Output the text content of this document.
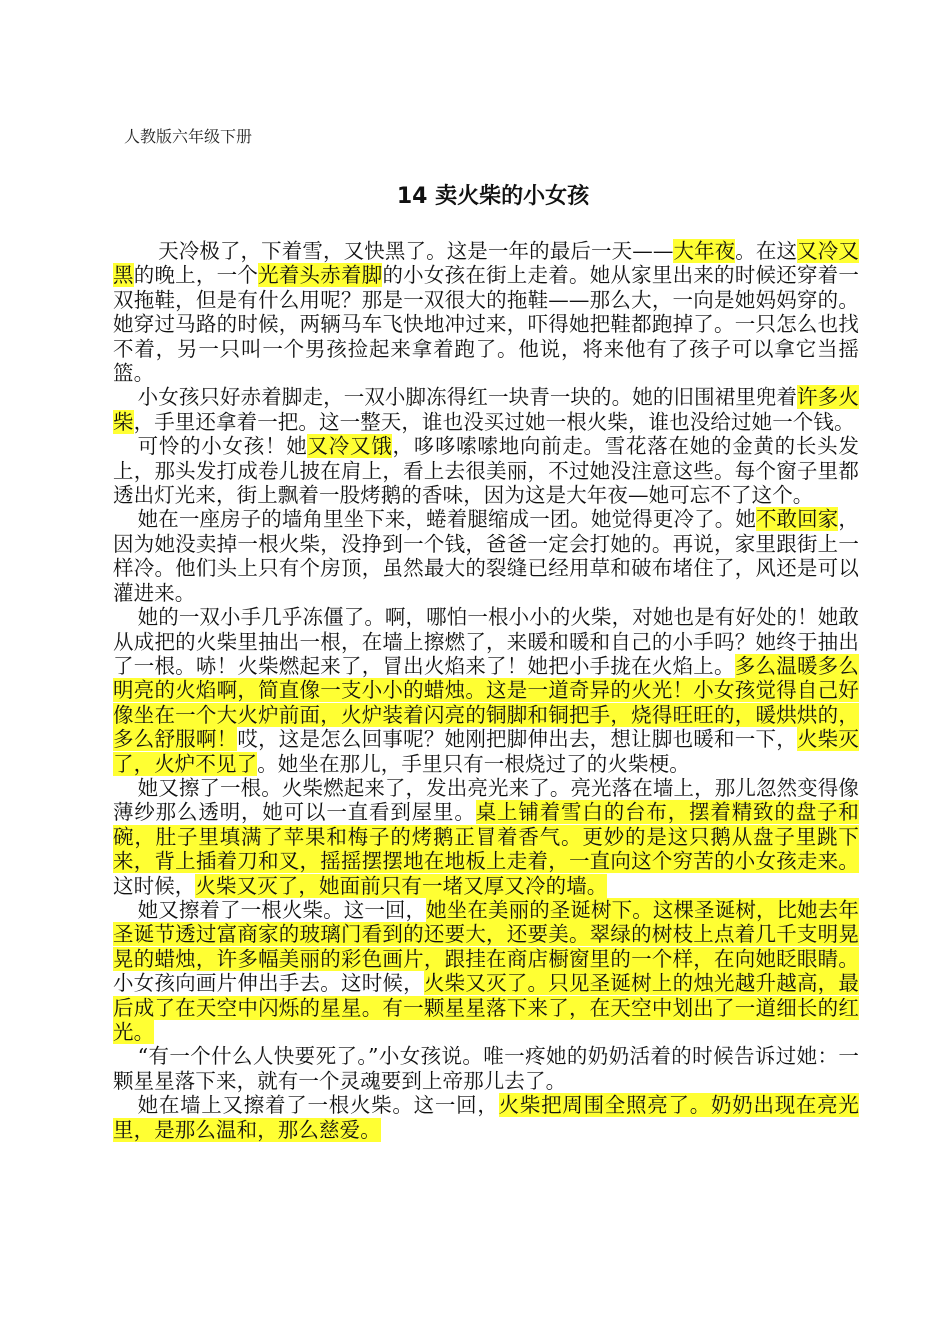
人教版六年级下册
14 卖火柴的小女孩

天冷极了，下着雪，又快黑了。这是一年的最后一天——大年夜。在这又冷又黑的晚上，一个光着头赤着脚的小女孩在街上走着。她从家里出来的时候还穿着一双拖鞋，但是有什么用呢？那是一双很大的拖鞋——那么大，一向是她妈妈穿的。她穿过马路的时候，两辆马车飞快地冲过来，吓得她把鞋都跑掉了。一只怎么也找不着，另一只叫一个男孩捡起来拿着跑了。他说，将来他有了孩子可以拿它当摇篮。

小女孩只好赤着脚走，一双小脚冻得红一块青一块的。她的旧围裙里兜着许多火柴，手里还拿着一把。这一整天，谁也没买过她一根火柴，谁也没给过她一个钱。

可怜的小女孩！她又冷又饿，哆哆嗦嗦地向前走。雪花落在她的金黄的长头发上，那头发打成卷儿披在肩上，看上去很美丽，不过她没注意这些。每个窗子里都透出灯光来，街上飘着一股烤鹅的香味，因为这是大年夜—她可忘不了这个。

她在一座房子的墙角里坐下来，蜷着腿缩成一团。她觉得更冷了。她不敢回家，因为她没卖掉一根火柴，没挣到一个钱，爸爸一定会打她的。再说，家里跟街上一样冷。他们头上只有个房顶，虽然最大的裂缝已经用草和破布堵住了，风还是可以灌进来。

她的一双小手几乎冻僵了。啊，哪怕一根小小的火柴，对她也是有好处的！她敢从成把的火柴里抽出一根，在墙上擦燃了，来暖和暖和自己的小手吗？她终于抽出了一根。哧！火柴燃起来了，冒出火焰来了！她把小手拢在火焰上。多么温暖多么明亮的火焰啊，简直像一支小小的蜡烛。这是一道奇异的火光！小女孩觉得自己好像坐在一个大火炉前面，火炉装着闪亮的铜脚和铜把手，烧得旺旺的，暖烘烘的，多么舒服啊！哎，这是怎么回事呢？她刚把脚伸出去，想让脚也暖和一下，火柴灭了，火炉不见了。她坐在那儿，手里只有一根烧过了的火柴梗。

她又擦了一根。火柴燃起来了，发出亮光来了。亮光落在墙上，那儿忽然变得像薄纱那么透明，她可以一直看到屋里。桌上铺着雪白的台布，摆着精致的盘子和碗，肚子里填满了苹果和梅子的烤鹅正冒着香气。更妙的是这只鹅从盘子里跳下来，背上插着刀和叉，摇摇摆摆地在地板上走着，一直向这个穷苦的小女孩走来。这时候，火柴又灭了，她面前只有一堵又厚又冷的墙。

她又擦着了一根火柴。这一回，她坐在美丽的圣诞树下。这棵圣诞树，比她去年圣诞节透过富商家的玻璃门看到的还要大，还要美。翠绿的树枝上点着几千支明晃晃的蜡烛，许多幅美丽的彩色画片，跟挂在商店橱窗里的一个样，在向她眨眼睛。小女孩向画片伸出手去。这时候，火柴又灭了。只见圣诞树上的烛光越升越高，最后成了在天空中闪烁的星星。有一颗星星落下来了，在天空中划出了一道细长的红光。

“有一个什么人快要死了。”小女孩说。唯一疼她的奶奶活着的时候告诉过她：一颗星星落下来，就有一个灵魂要到上帝那儿去了。

她在墙上又擦着了一根火柴。这一回，火柴把周围全照亮了。奶奶出现在亮光里，是那么温和，那么慈爱。
